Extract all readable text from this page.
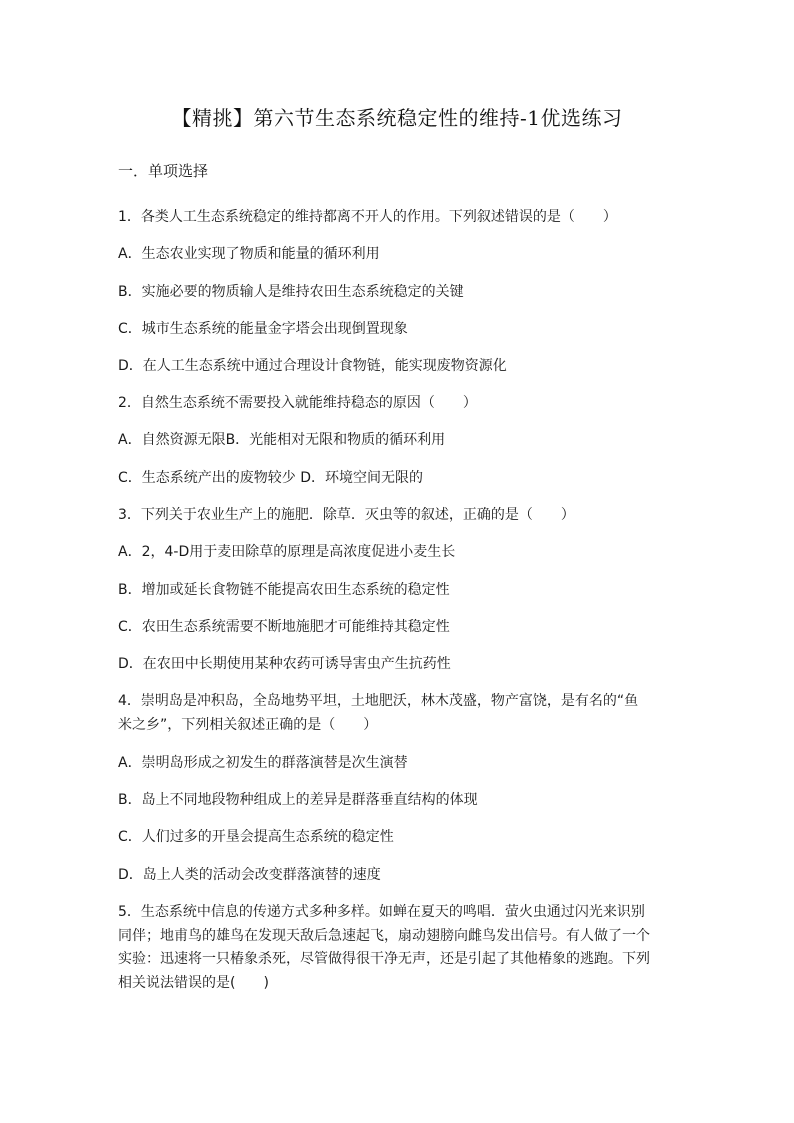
【精挑】第六节生态系统稳定性的维持-1优选练习
一．单项选择
1．各类人工生态系统稳定的维持都离不开人的作用。下列叙述错误的是（　　）
A．生态农业实现了物质和能量的循环利用
B．实施必要的物质输人是维持农田生态系统稳定的关键
C．城市生态系统的能量金字塔会出现倒置现象
D．在人工生态系统中通过合理设计食物链，能实现废物资源化
2．自然生态系统不需要投入就能维持稳态的原因（　　）
A．自然资源无限B．光能相对无限和物质的循环利用
C．生态系统产出的废物较少 D．环境空间无限的
3．下列关于农业生产上的施肥．除草．灭虫等的叙述，正确的是（　　）
A．2，4-D用于麦田除草的原理是高浓度促进小麦生长
B．增加或延长食物链不能提高农田生态系统的稳定性
C．农田生态系统需要不断地施肥才可能维持其稳定性
D．在农田中长期使用某种农药可诱导害虫产生抗药性
4．崇明岛是冲积岛，全岛地势平坦，土地肥沃，林木茂盛，物产富饶，是有名的“鱼
米之乡”，下列相关叙述正确的是（　　）
A．崇明岛形成之初发生的群落演替是次生演替
B．岛上不同地段物种组成上的差异是群落垂直结构的体现
C．人们过多的开垦会提高生态系统的稳定性
D．岛上人类的活动会改变群落演替的速度
5．生态系统中信息的传递方式多种多样。如蝉在夏天的鸣唱．萤火虫通过闪光来识别
同伴；地甫鸟的雄鸟在发现天敌后急速起飞，扇动翅膀向雌鸟发出信号。有人做了一个
实验：迅速将一只椿象杀死，尽管做得很干净无声，还是引起了其他椿象的逃跑。下列
相关说法错误的是(　　)
